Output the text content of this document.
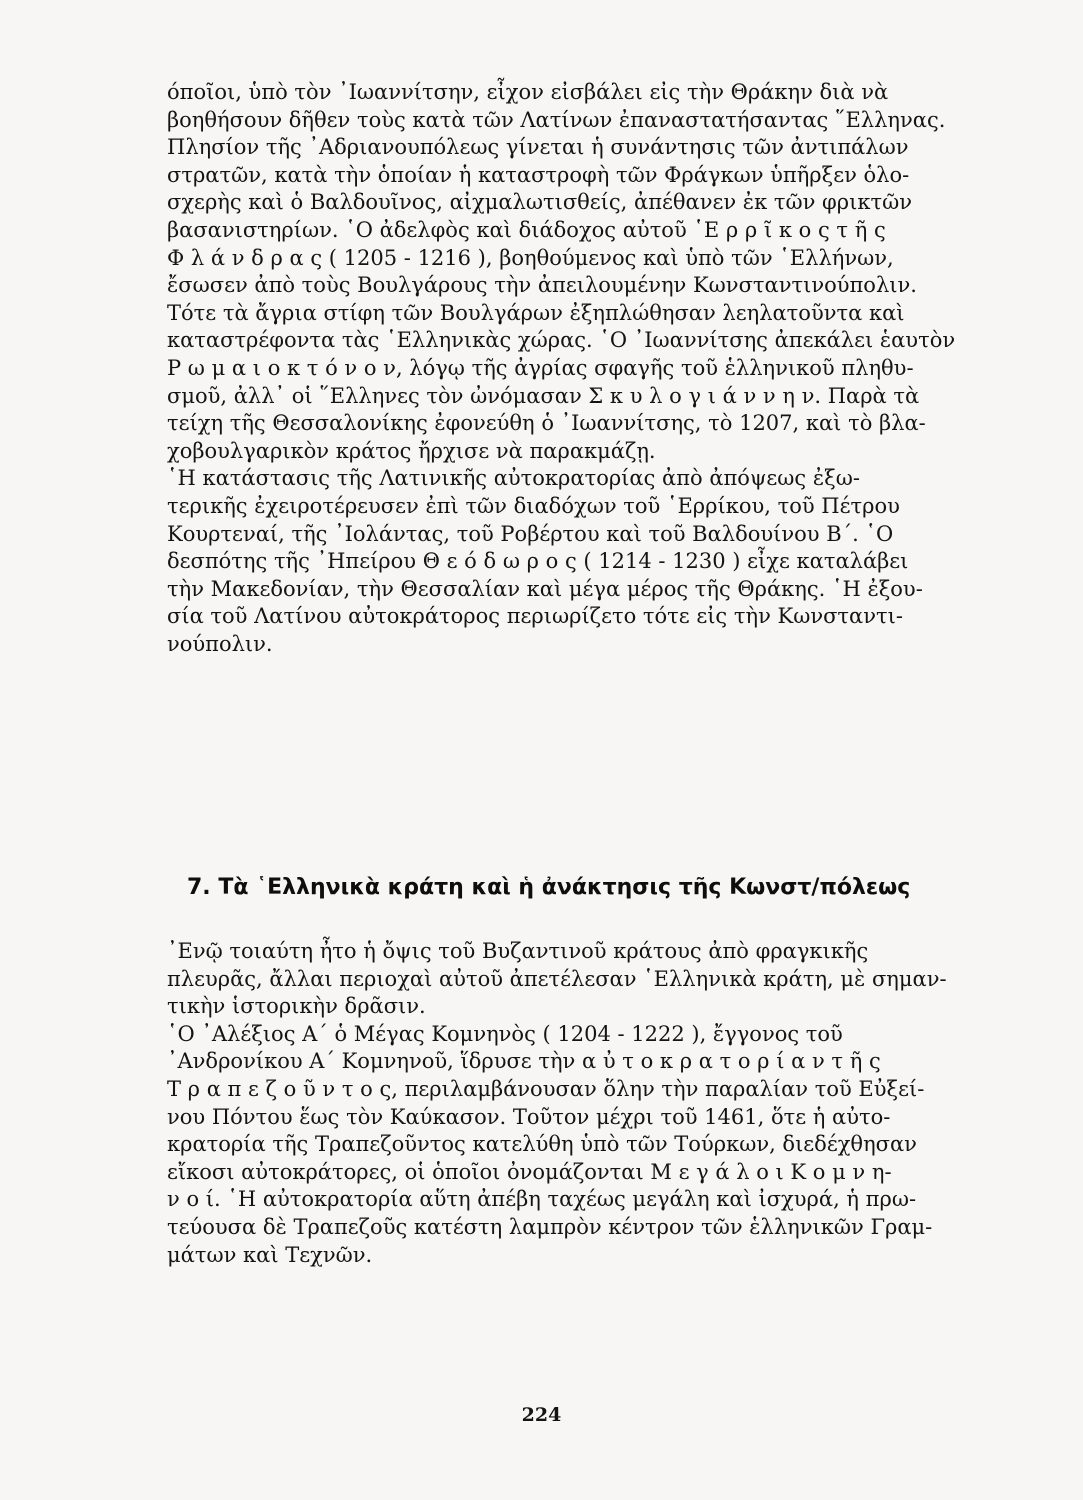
όποῖοι, ὑπὸ τὸν ᾿Ιωαννίτσην, εἶχον εἰσβάλει εἰς τὴν Θράκην διὰ νὰ
βοηθήσουν δῆθεν τοὺς κατὰ τῶν Λατίνων ἐπαναστατήσαντας ῞Ελληνας.
Πλησίον τῆς ᾿Αδριανουπόλεως γίνεται ἡ συνάντησις τῶν ἀντιπάλων
στρατῶν, κατὰ τὴν ὁποίαν ἡ καταστροφὴ τῶν Φράγκων ὑπῆρξεν ὁλο-
σχερὴς καὶ ὁ Βαλδουῖνος, αἰχμαλωτισθείς, ἀπέθανεν ἐκ τῶν φρικτῶν
βασανιστηρίων. ῾Ο ἀδελφὸς καὶ διάδοχος αὐτοῦ ῾Ε ρ ρ ῖ κ ο ς τ ῆ ς
Φ λ ά ν δ ρ α ς ( 1205 - 1216 ), βοηθούμενος καὶ ὑπὸ τῶν ῾Ελλήνων,
ἔσωσεν ἀπὸ τοὺς Βουλγάρους τὴν ἀπειλουμένην Κωνσταντινούπολιν.
Τότε τὰ ἄγρια στίφη τῶν Βουλγάρων ἐξηπλώθησαν λεηλατοῦντα καὶ
καταστρέφοντα τὰς ῾Ελληνικὰς χώρας. ῾Ο ᾿Ιωαννίτσης ἀπεκάλει ἑαυτὸν
Ρ ω μ α ι ο κ τ ό ν ο ν, λόγῳ τῆς ἀγρίας σφαγῆς τοῦ ἑλληνικοῦ πληθυ-
σμοῦ, ἀλλ᾿ οἱ ῞Ελληνες τὸν ὠνόμασαν Σ κ υ λ ο γ ι ά ν ν η ν. Παρὰ τὰ
τείχη τῆς Θεσσαλονίκης ἐφονεύθη ὁ ᾿Ιωαννίτσης, τὸ 1207, καὶ τὸ βλα-
χοβουλγαρικὸν κράτος ἤρχισε νὰ παρακμάζῃ.
῾Η κατάστασις τῆς Λατινικῆς αὐτοκρατορίας ἀπὸ ἀπόψεως ἐξω-
τερικῆς ἐχειροτέρευσεν ἐπὶ τῶν διαδόχων τοῦ ῾Ερρίκου, τοῦ Πέτρου
Κουρτεναί, τῆς ᾿Ιολάντας, τοῦ Ροβέρτου καὶ τοῦ Βαλδουίνου Β΄. ῾Ο
δεσπότης τῆς ᾿Ηπείρου Θ ε ό δ ω ρ ο ς ( 1214 - 1230 ) εἶχε καταλάβει
τὴν Μακεδονίαν, τὴν Θεσσαλίαν καὶ μέγα μέρος τῆς Θράκης. ῾Η ἐξου-
σία τοῦ Λατίνου αὐτοκράτορος περιωρίζετο τότε εἰς τὴν Κωνσταντι-
νούπολιν.
7. Τὰ ῾Ελληνικὰ κράτη καὶ ἡ ἀνάκτησις τῆς Κωνστ/πόλεως
᾿Ενῷ τοιαύτη ἦτο ἡ ὄψις τοῦ Βυζαντινοῦ κράτους ἀπὸ φραγκικῆς
πλευρᾶς, ἄλλαι περιοχαὶ αὐτοῦ ἀπετέλεσαν ῾Ελληνικὰ κράτη, μὲ σημαν-
τικὴν ἱστορικὴν δρᾶσιν.
῾Ο ᾿Αλέξιος Α΄ ὁ Μέγας Κομνηνὸς ( 1204 - 1222 ), ἔγγονος τοῦ
᾿Ανδρονίκου Α΄ Κομνηνοῦ, ἵδρυσε τὴν α ὐ τ ο κ ρ α τ ο ρ ί α ν τ ῆ ς
Τ ρ α π ε ζ ο ῦ ν τ ο ς, περιλαμβάνουσαν ὅλην τὴν παραλίαν τοῦ Εὐξεί-
νου Πόντου ἕως τὸν Καύκασον. Τοῦτον μέχρι τοῦ 1461, ὅτε ἡ αὐτο-
κρατορία τῆς Τραπεζοῦντος κατελύθη ὑπὸ τῶν Τούρκων, διεδέχθησαν
εἴκοσι αὐτοκράτορες, οἱ ὁποῖοι ὀνομάζονται Μ ε γ ά λ ο ι Κ ο μ ν η-
ν ο ί. ῾Η αὐτοκρατορία αὕτη ἀπέβη ταχέως μεγάλη καὶ ἰσχυρά, ἡ πρω-
τεύουσα δὲ Τραπεζοῦς κατέστη λαμπρὸν κέντρον τῶν ἑλληνικῶν Γραμ-
μάτων καὶ Τεχνῶν.
224
